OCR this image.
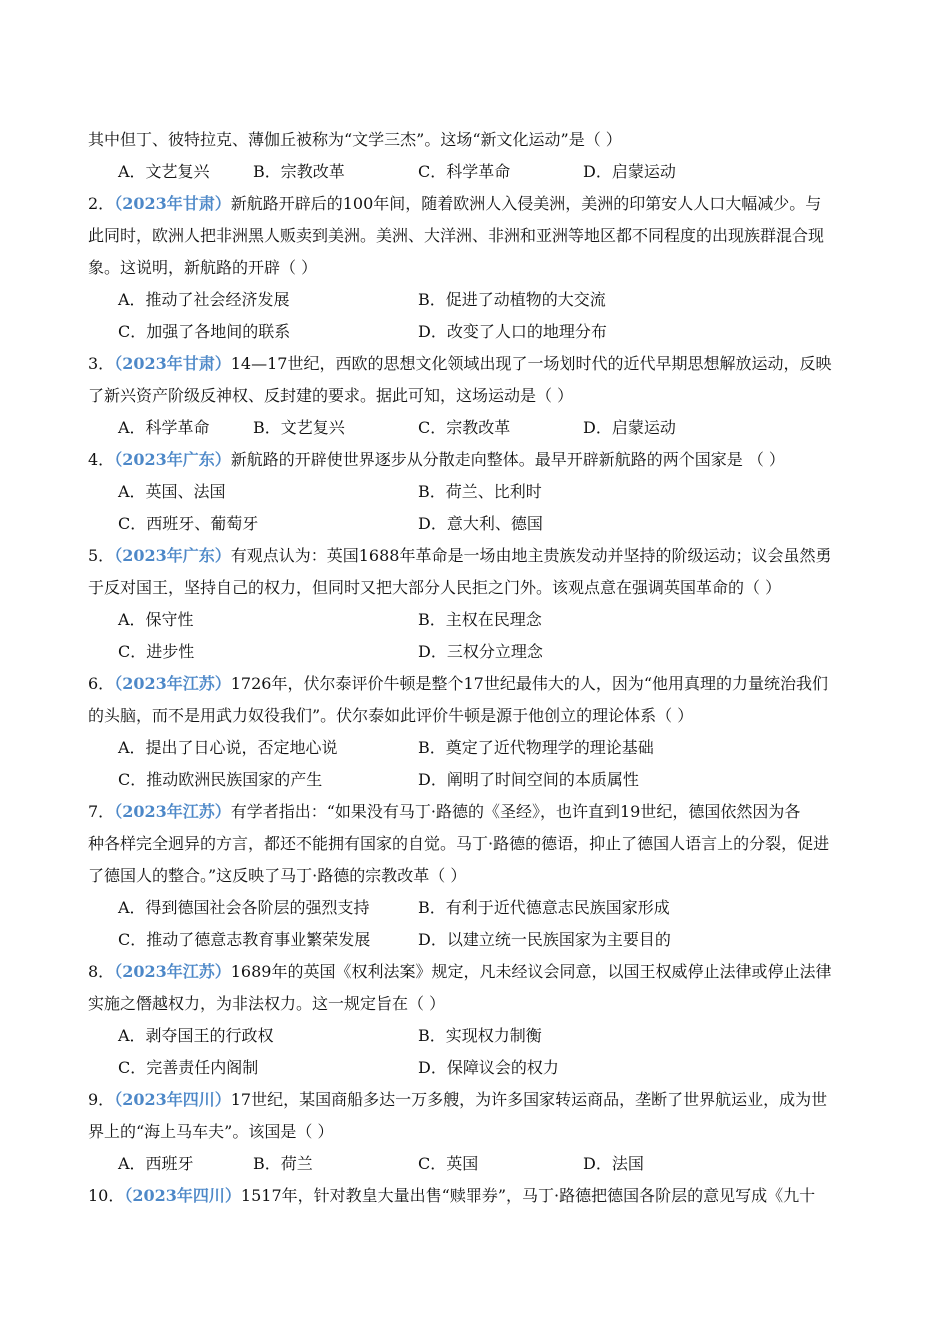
其中但丁、彼特拉克、薄伽丘被称为“文学三杰”。这场“新文化运动”是（ ）
A．文艺复兴	B．宗教改革	C．科学革命	D．启蒙运动
2．（2023年甘肃）新航路开辟后的100年间，随着欧洲人入侵美洲，美洲的印第安人人口大幅减少。与
此同时，欧洲人把非洲黑人贩卖到美洲。美洲、大洋洲、非洲和亚洲等地区都不同程度的出现族群混合现
象。这说明，新航路的开辟（ ）
A．推动了社会经济发展	B．促进了动植物的大交流
C．加强了各地间的联系	D．改变了人口的地理分布
3．（2023年甘肃）14—17世纪，西欧的思想文化领域出现了一场划时代的近代早期思想解放运动，反映
了新兴资产阶级反神权、反封建的要求。据此可知，这场运动是（ ）
A．科学革命	B．文艺复兴	C．宗教改革	D．启蒙运动
4．（2023年广东）新航路的开辟使世界逐步从分散走向整体。最早开辟新航路的两个国家是 （ ）
A．英国、法国	B．荷兰、比利时
C．西班牙、葡萄牙	D．意大利、德国
5．（2023年广东）有观点认为：英国1688年革命是一场由地主贵族发动并坚持的阶级运动；议会虽然勇
于反对国王，坚持自己的权力，但同时又把大部分人民拒之门外。该观点意在强调英国革命的（ ）
A．保守性	B．主权在民理念
C．进步性	D．三权分立理念
6．（2023年江苏）1726年，伏尔泰评价牛顿是整个17世纪最伟大的人，因为“他用真理的力量统治我们
的头脑，而不是用武力奴役我们”。伏尔泰如此评价牛顿是源于他创立的理论体系（ ）
A．提出了日心说，否定地心说	B．奠定了近代物理学的理论基础
C．推动欧洲民族国家的产生	D．阐明了时间空间的本质属性
7．（2023年江苏）有学者指出：“如果没有马丁·路德的《圣经》，也许直到19世纪，德国依然因为各
种各样完全迥异的方言，都还不能拥有国家的自觉。马丁·路德的德语，抑止了德国人语言上的分裂，促进
了德国人的整合。”这反映了马丁·路德的宗教改革（ ）
A．得到德国社会各阶层的强烈支持	B．有利于近代德意志民族国家形成
C．推动了德意志教育事业繁荣发展	D．以建立统一民族国家为主要目的
8．（2023年江苏）1689年的英国《权利法案》规定，凡未经议会同意，以国王权威停止法律或停止法律
实施之僭越权力，为非法权力。这一规定旨在（ ）
A．剥夺国王的行政权	B．实现权力制衡
C．完善责任内阁制	D．保障议会的权力
9．（2023年四川）17世纪，某国商船多达一万多艘，为许多国家转运商品，垄断了世界航运业，成为世
界上的“海上马车夫”。该国是（ ）
A．西班牙	B．荷兰	C．英国	D．法国
10．（2023年四川）1517年，针对教皇大量出售“赎罪券”，马丁·路德把德国各阶层的意见写成《九十
